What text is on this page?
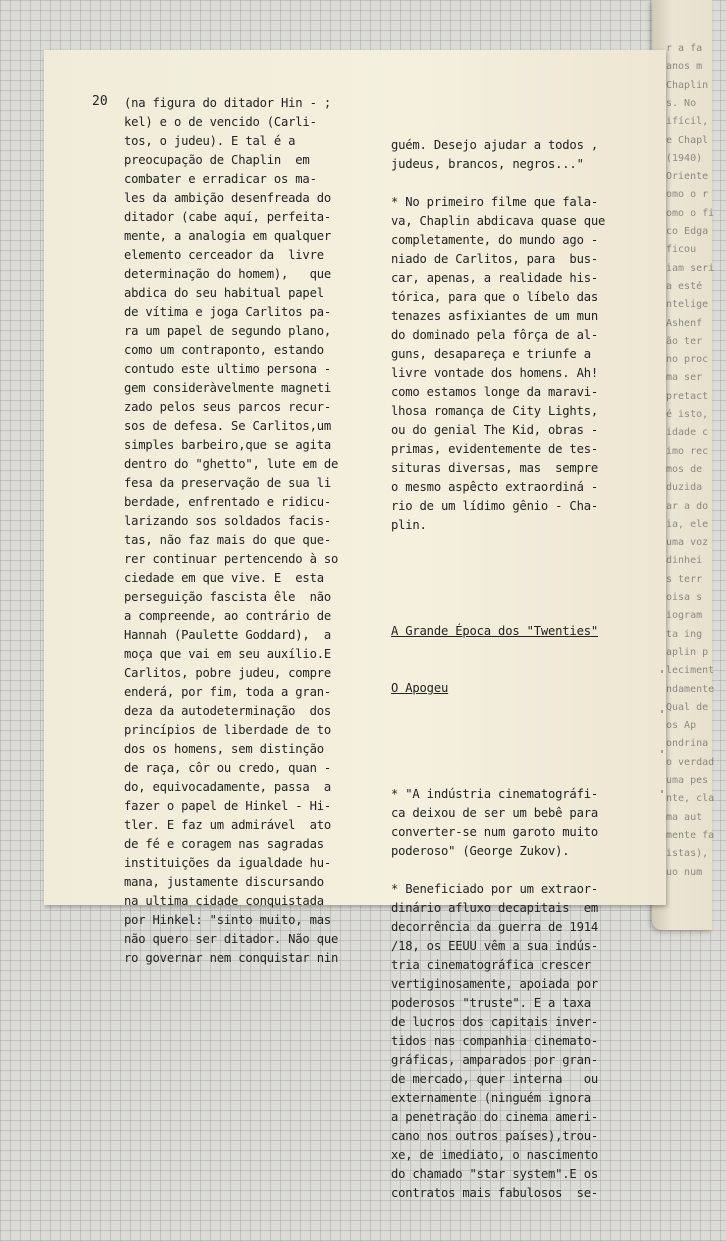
r a fa
anos m
Chaplin
s. No
ifícil,
e Chapl
(1940)
Oriente
omo o r
omo o fi
co Edga
ficou
iam seri
a esté
ntelige
Ashenf
ão ter
no proc
ma ser
pretact
é isto,
idade c
imo rec
mos de
duzida
ar a do
ia, ele
uma voz
dinhei
s terr
oisa s
iogram
ta ing
aplin p
leciment
ndamente
Qual de
os Ap
ondrina
o verdad
uma pes
nte, cla
ma aut
mente fa
istas),
uo num
20 (na figura do ditador Hin - ;
kel) e o de vencido (Carli-
tos, o judeu). E tal é a
preocupação de Chaplin  em
combater e erradicar os ma-
les da ambição desenfreada do
ditador (cabe aquí, perfeita-
mente, a analogia em qualquer
elemento cerceador da  livre
determinação do homem),   que
abdica do seu habitual papel
de vítima e joga Carlitos pa-
ra um papel de segundo plano,
como um contraponto, estando
contudo este ultimo persona -
gem consideràvelmente magneti
zado pelos seus parcos recur-
sos de defesa. Se Carlitos,um
simples barbeiro,que se agita
dentro do "ghetto", lute em de
fesa da preservação de sua li
berdade, enfrentado e ridicu-
larizando sos soldados facis-
tas, não faz mais do que que-
rer continuar pertencendo à so
ciedade em que vive. E  esta
perseguição fascista êle  não
a compreende, ao contrário de
Hannah (Paulette Goddard),  a
moça que vai em seu auxílio.E
Carlitos, pobre judeu, compre
enderá, por fim, toda a gran-
deza da autodeterminação  dos
princípios de liberdade de to
dos os homens, sem distinção
de raça, côr ou credo, quan -
do, equivocadamente, passa  a
fazer o papel de Hinkel - Hi-
tler. E faz um admirável  ato
de fé e coragem nas sagradas
instituições da igualdade hu-
mana, justamente discursando
na ultima cidade conquistada
por Hinkel: "sinto muito, mas
não quero ser ditador. Não que
ro governar nem conquistar nin

guém. Desejo ajudar a todos ,
judeus, brancos, negros..."
* No primeiro filme que fala-
va, Chaplin abdicava quase que
completamente, do mundo ago -
niado de Carlitos, para  bus-
car, apenas, a realidade his-
tórica, para que o líbelo das
tenazes asfixiantes de um mun
do dominado pela fôrça de al-
guns, desapareça e triunfe a
livre vontade dos homens. Ah!
como estamos longe da maravi-
lhosa romança de City Lights,
ou do genial The Kid, obras -
primas, evidentemente de tes-
situras diversas, mas  sempre
o mesmo aspêcto extraordiná -
rio de um lídimo gênio - Cha-
plin.

A Grande Época dos "Twenties"

O Apogeu

* "A indústria cinematográfi-
ca deixou de ser um bebê para
converter-se num garoto muito
poderoso" (George Zukov).
* Beneficiado por um extraor-
dinário afluxo decapitais  em
decorrência da guerra de 1914
/18, os EEUU vêm a sua indús-
tria cinematográfica crescer
vertiginosamente, apoiada por
poderosos "truste". E a taxa
de lucros dos capitais inver-
tidos nas companhia cinemato-
gráficas, amparados por gran-
de mercado, quer interna   ou
externamente (ninguém ignora
a penetração do cinema ameri-
cano nos outros países),trou-
xe, de imediato, o nascimento
do chamado "star system".E os
contratos mais fabulosos  se-
